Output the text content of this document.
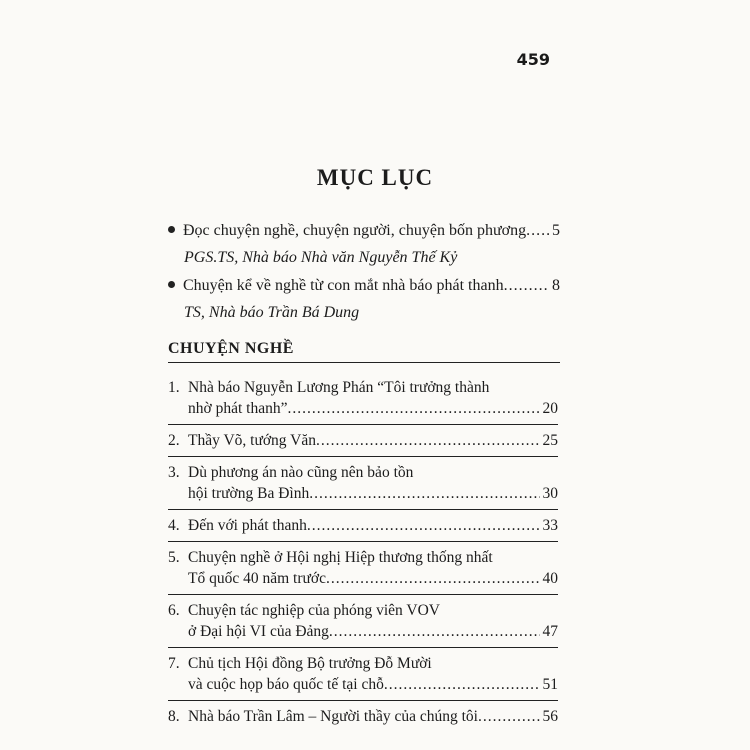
459
MỤC LỤC
Đọc chuyện nghề, chuyện người, chuyện bốn phương ..... 5
PGS.TS, Nhà báo Nhà văn Nguyễn Thế Kỷ
Chuyện kể về nghề từ con mắt nhà báo phát thanh .....	8
TS, Nhà báo Trần Bá Dung
CHUYỆN NGHỀ
1. Nhà báo Nguyễn Lương Phán “Tôi trưởng thành
nhờ phát thanh” .....	20
2. Thầy Võ, tướng Văn .....	25
3. Dù phương án nào cũng nên bảo tồn
hội trường Ba Đình .....	30
4. Đến với phát thanh .....	33
5. Chuyện nghề ở Hội nghị Hiệp thương thống nhất
Tổ quốc 40 năm trước .....	40
6. Chuyện tác nghiệp của phóng viên VOV
ở Đại hội VI của Đảng .....	47
7. Chủ tịch Hội đồng Bộ trưởng Đỗ Mười
và cuộc họp báo quốc tế tại chỗ .....	51
8. Nhà báo Trần Lâm – Người thầy của chúng tôi .....	56
